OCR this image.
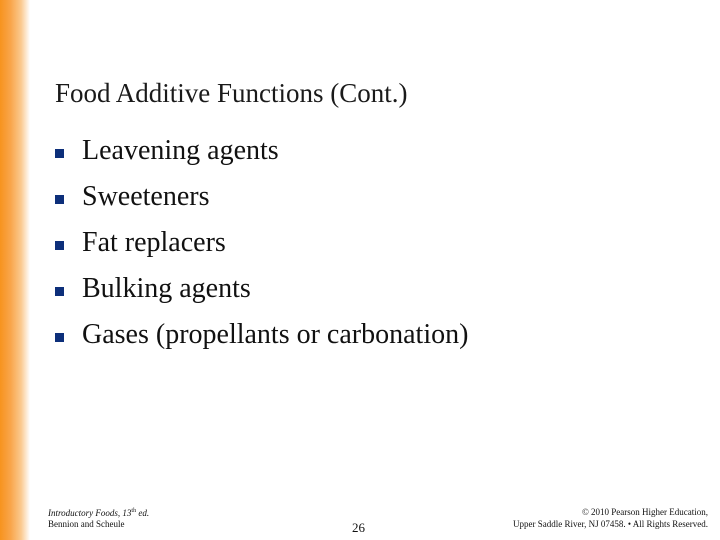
Food Additive Functions (Cont.)
Leavening agents
Sweeteners
Fat replacers
Bulking agents
Gases (propellants or carbonation)
Introductory Foods, 13th ed.
Bennion and Scheule	26
© 2010 Pearson Higher Education,
Upper Saddle River, NJ 07458. • All Rights Reserved.
